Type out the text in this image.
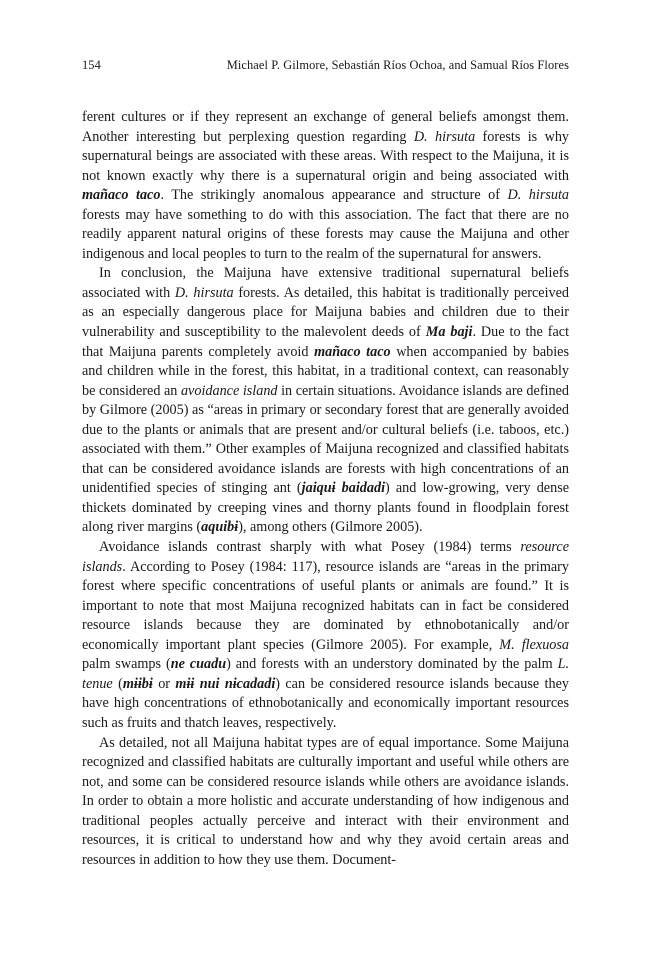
154	Michael P. Gilmore, Sebastián Ríos Ochoa, and Samual Ríos Flores

ferent cultures or if they represent an exchange of general beliefs amongst them. Another interesting but perplexing question regarding D. hirsuta forests is why supernatural beings are associated with these areas. With respect to the Maijuna, it is not known exactly why there is a supernatural origin and being associated with mañaco taco. The strikingly anomalous appearance and structure of D. hirsuta forests may have something to do with this association. The fact that there are no readily apparent natural origins of these forests may cause the Maijuna and other indigenous and local peoples to turn to the realm of the supernatural for answers.

In conclusion, the Maijuna have extensive traditional supernatural beliefs associated with D. hirsuta forests. As detailed, this habitat is traditionally perceived as an especially dangerous place for Maijuna babies and children due to their vulnerability and susceptibility to the malevolent deeds of Ma baji. Due to the fact that Maijuna parents completely avoid mañaco taco when accompanied by babies and children while in the forest, this habitat, in a traditional context, can reasonably be considered an avoidance island in certain situations. Avoidance islands are defined by Gilmore (2005) as “areas in primary or secondary forest that are generally avoided due to the plants or animals that are present and/or cultural beliefs (i.e. taboos, etc.) associated with them.” Other examples of Maijuna recognized and classified habitats that can be considered avoidance islands are forests with high concentrations of an unidentified species of stinging ant (jaiquɨ baidadi) and low-growing, very dense thickets dominated by creeping vines and thorny plants found in floodplain forest along river margins (aquibɨ), among others (Gilmore 2005).

Avoidance islands contrast sharply with what Posey (1984) terms resource islands. According to Posey (1984: 117), resource islands are “areas in the primary forest where specific concentrations of useful plants or animals are found.” It is important to note that most Maijuna recognized habitats can in fact be considered resource islands because they are dominated by ethnobotanically and/or economically important plant species (Gilmore 2005). For example, M. flexuosa palm swamps (ne cuadu) and forests with an understory dominated by the palm L. tenue (mɨɨbɨ or mɨɨ nui nɨcadadi) can be considered resource islands because they have high concentrations of ethnobotanically and economically important resources such as fruits and thatch leaves, respectively.

As detailed, not all Maijuna habitat types are of equal importance. Some Maijuna recognized and classified habitats are culturally important and useful while others are not, and some can be considered resource islands while others are avoidance islands. In order to obtain a more holistic and accurate understanding of how indigenous and traditional peoples actually perceive and interact with their environment and resources, it is critical to understand how and why they avoid certain areas and resources in addition to how they use them. Document-
